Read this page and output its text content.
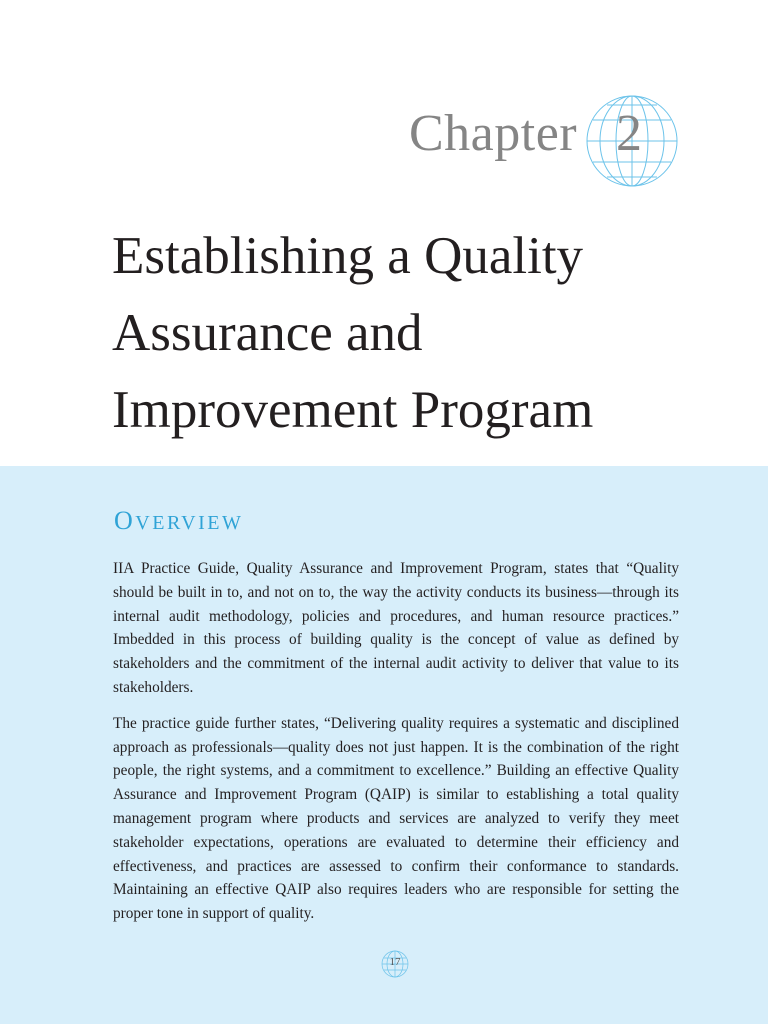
Chapter 2
Establishing a Quality Assurance and Improvement Program
OVERVIEW

IIA Practice Guide, Quality Assurance and Improvement Program, states that “Quality should be built in to, and not on to, the way the activity conducts its business—through its internal audit methodology, policies and procedures, and human resource practices.” Imbedded in this process of building quality is the concept of value as defined by stakeholders and the commitment of the internal audit activity to deliver that value to its stakeholders.

The practice guide further states, “Delivering quality requires a systematic and disciplined approach as professionals—quality does not just happen. It is the combination of the right people, the right systems, and a commitment to excellence.” Building an effective Quality Assurance and Improvement Program (QAIP) is similar to establishing a total quality management program where products and services are analyzed to verify they meet stakeholder expectations, operations are evaluated to determine their efficiency and effectiveness, and practices are assessed to confirm their conformance to standards. Maintaining an effective QAIP also requires leaders who are responsible for setting the proper tone in support of quality.

17
